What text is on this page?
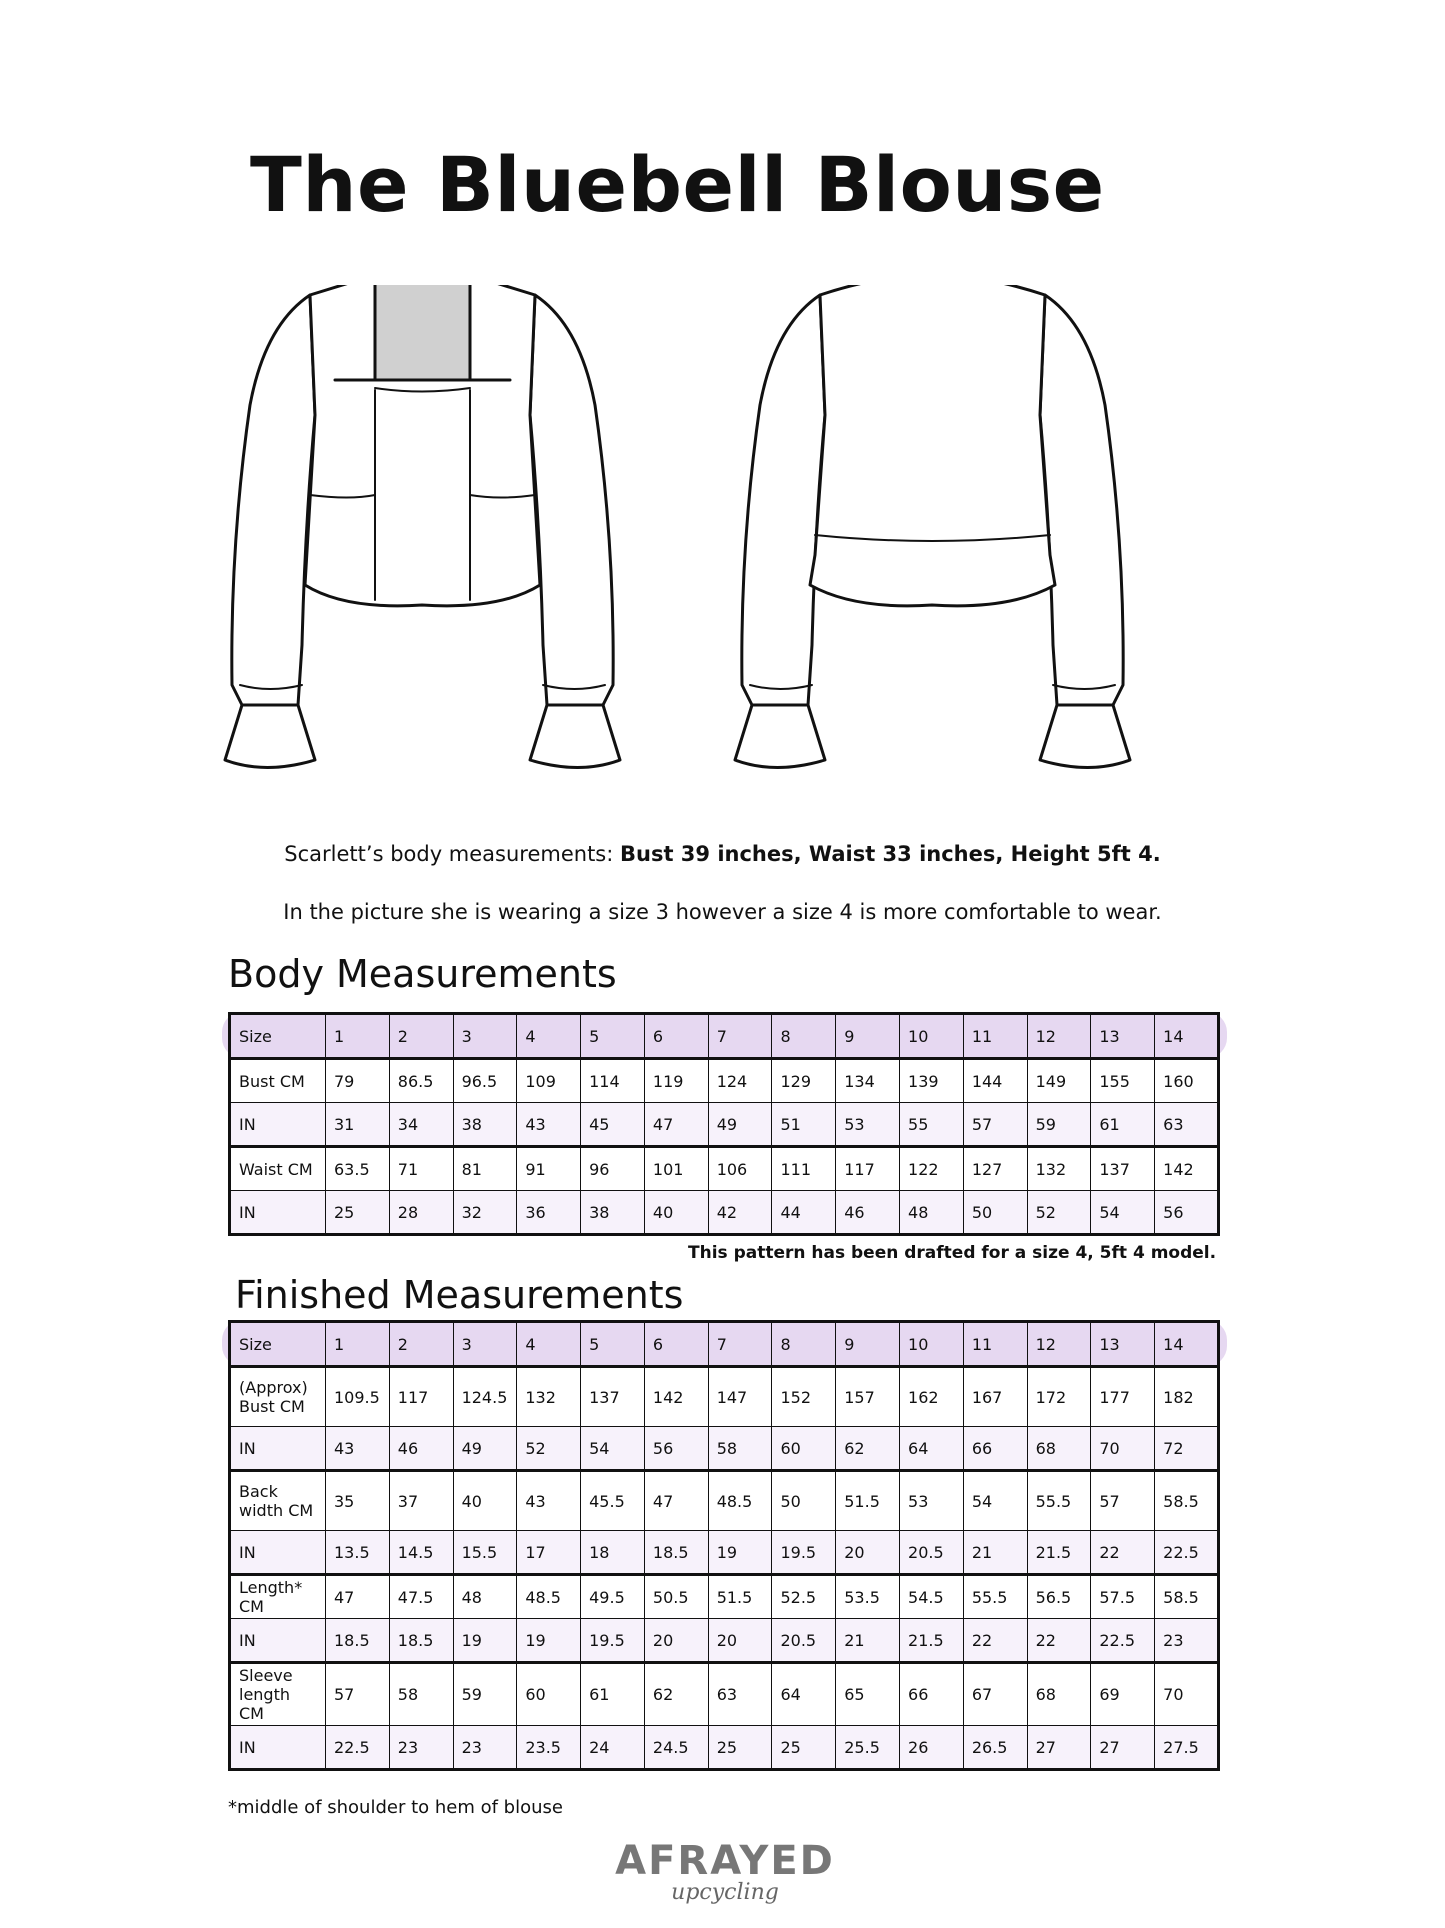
The Bluebell Blouse
Scarlett’s body measurements: Bust 39 inches, Waist 33 inches, Height 5ft 4.
In the picture she is wearing a size 3 however a size 4 is more comfortable to wear.
Body Measurements
Size	1	2	3	4	5	6	7	8	9	10	11	12	13	14
Bust CM	79	86.5	96.5	109	114	119	124	129	134	139	144	149	155	160
IN	31	34	38	43	45	47	49	51	53	55	57	59	61	63
Waist CM	63.5	71	81	91	96	101	106	111	117	122	127	132	137	142
IN	25	28	32	36	38	40	42	44	46	48	50	52	54	56
This pattern has been drafted for a size 4, 5ft 4 model.
Finished Measurements
Size	1	2	3	4	5	6	7	8	9	10	11	12	13	14
(Approx) Bust CM	109.5	117	124.5	132	137	142	147	152	157	162	167	172	177	182
IN	43	46	49	52	54	56	58	60	62	64	66	68	70	72
Back width CM	35	37	40	43	45.5	47	48.5	50	51.5	53	54	55.5	57	58.5
IN	13.5	14.5	15.5	17	18	18.5	19	19.5	20	20.5	21	21.5	22	22.5
Length* CM	47	47.5	48	48.5	49.5	50.5	51.5	52.5	53.5	54.5	55.5	56.5	57.5	58.5
IN	18.5	18.5	19	19	19.5	20	20	20.5	21	21.5	22	22	22.5	23
Sleeve length CM	57	58	59	60	61	62	63	64	65	66	67	68	69	70
IN	22.5	23	23	23.5	24	24.5	25	25	25.5	26	26.5	27	27	27.5
*middle of shoulder to hem of blouse
AFRAYED
upcycling
